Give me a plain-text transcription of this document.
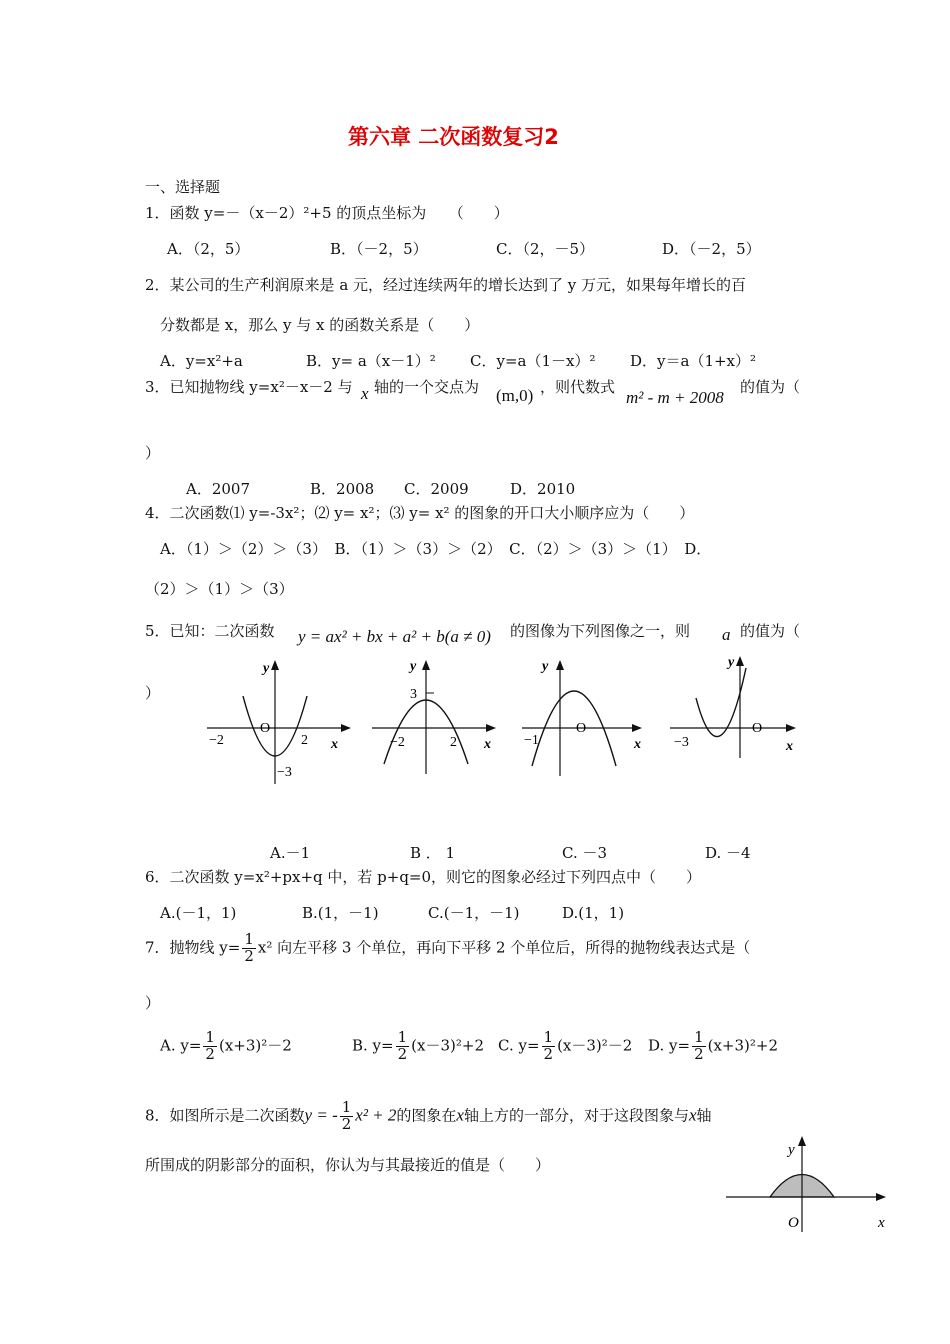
第六章 二次函数复习2
一、选择题
1．函数 y=－（x－2）²+5 的顶点坐标为　　（　　）
A．（2，5）	B．（－2，5）	C．（2，－5）	D．（－2，5）
2．某公司的生产利润原来是 a 元，经过连续两年的增长达到了 y 万元，如果每年增长的百
分数都是 x，那么 y 与 x 的函数关系是（　　）
A．y=x²+a	B．y= a（x－1）² C．y=a（1－x）² D．y＝a（1+x）²
3．已知抛物线 y=x²－x－2 与 x 轴的一个交点为 (m,0) ，则代数式
m² - m + 2008
的值为（
）
A．2007	B．2008 C．2009	D．2010
4．二次函数⑴ y=-3x²；⑵ y= x²；⑶ y= x² 的图象的开口大小顺序应为（　　）
A．（1）＞（2）＞（3）　B．（1）＞（3）＞（2）　C．（2）＞（3）＞（1）　D．
（2）＞（1）＞（3）
5．已知：二次函数 y = ax² + bx + a² + b(a ≠ 0) 的图像为下列图像之一，则 a 的值为（
）
y
x
O
−2	2
−3
y
x
3
−2	2
y
x
O
−1
y
x
O
−3
A.－1	B ． 1	C. －3	D. －4
6．二次函数 y=x²+px+q 中，若 p+q=0，则它的图象必经过下列四点中（　　）
A.(－1，1)	B.(1，－1)	C.(－1，－1)	D.(1，1)
7．抛物线 $y= \frac{1}{2} x^2$ 向左平移 3 个单位，再向下平移 2 个单位后，所得的抛物线表达式是（
）
A. $y= \frac{1}{2} (x+3)^2-2$	B. $y= \frac{1}{2} (x-3)^2+2$ C. $y= \frac{1}{2} (x-3)^2-2$ D. $y= \frac{1}{2} (x+3)^2+2$
8．如图所示是二次函数y = - $\frac{1}{2} x^2 + 2$的图象在x轴上方的一部分，对于这段图象与x轴
所围成的阴影部分的面积，你认为与其最接近的值是（　　）
y
x
O
